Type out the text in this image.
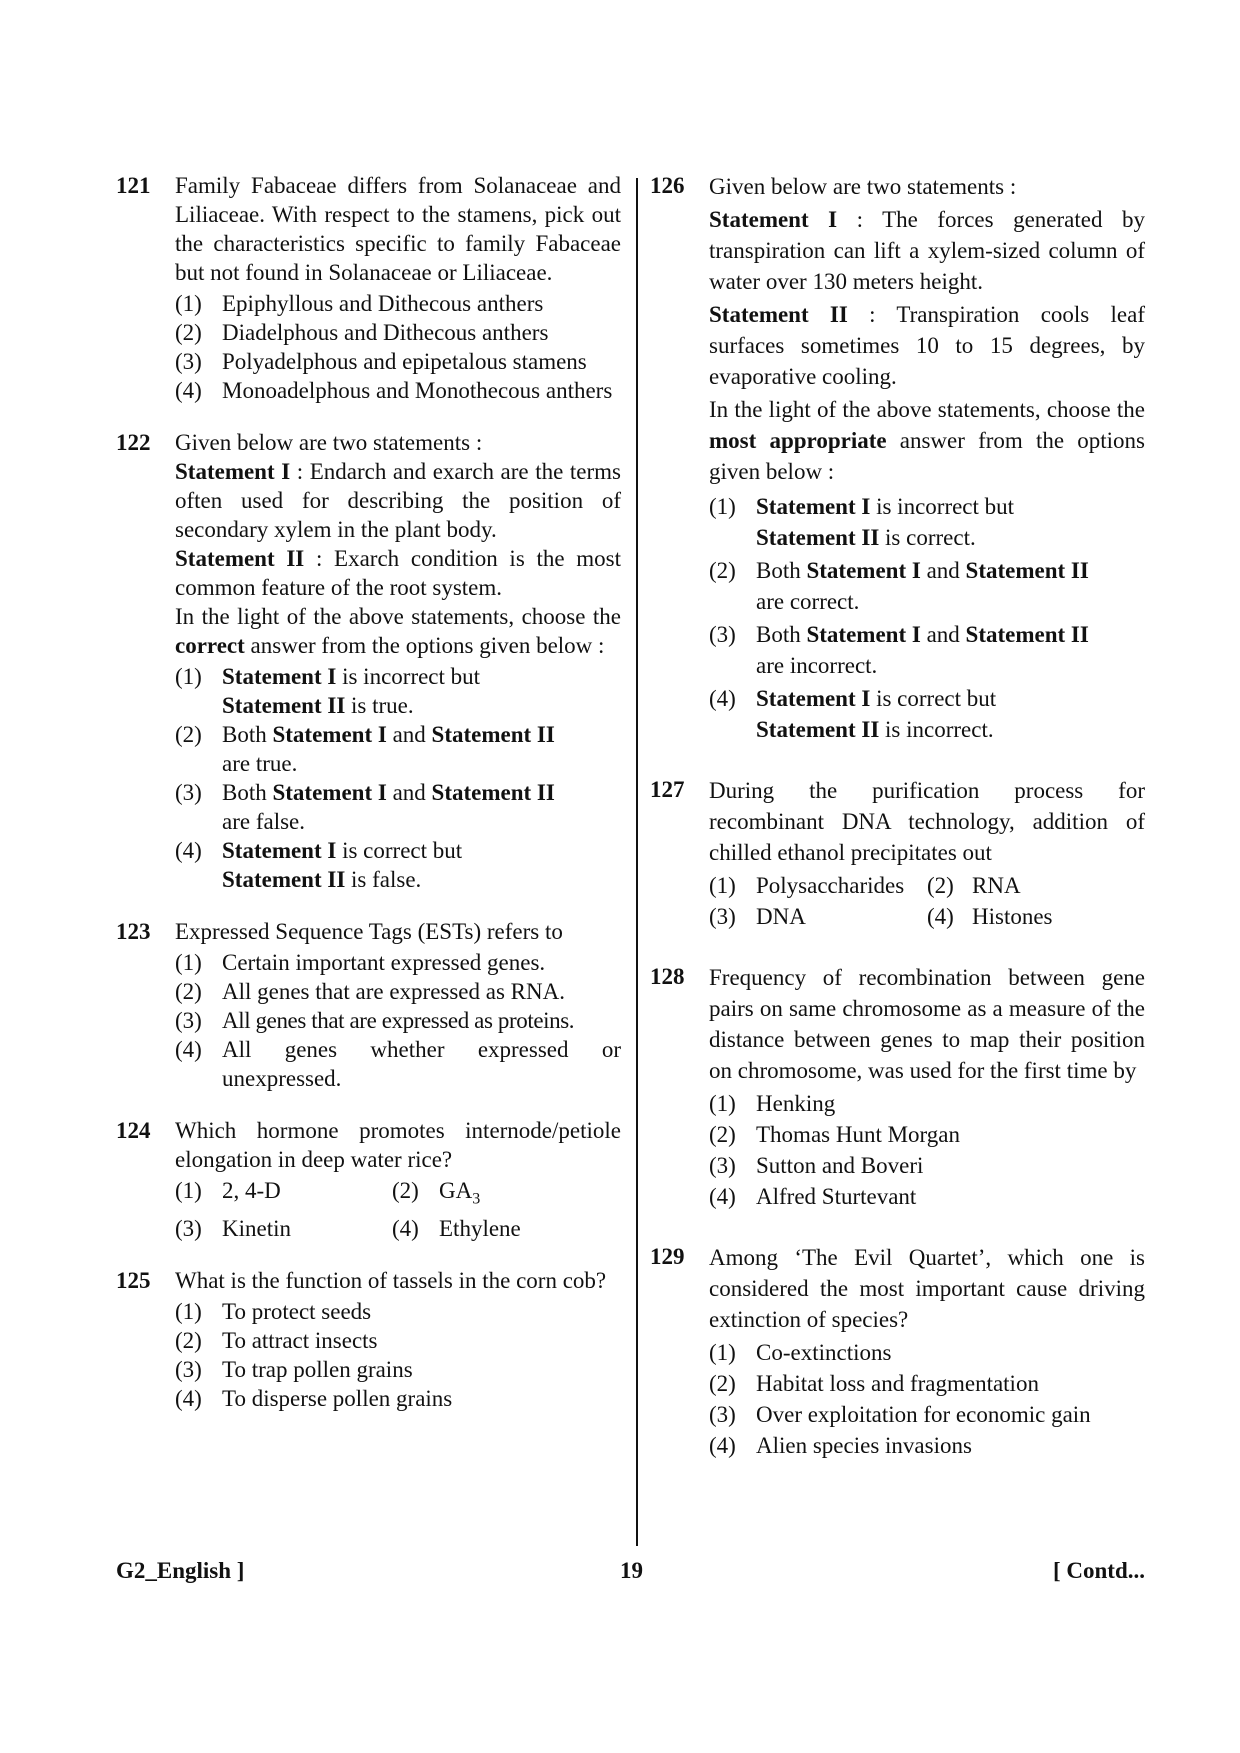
121 Family Fabaceae differs from Solanaceae and Liliaceae. With respect to the stamens, pick out the characteristics specific to family Fabaceae but not found in Solanaceae or Liliaceae.
(1) Epiphyllous and Dithecous anthers
(2) Diadelphous and Dithecous anthers
(3) Polyadelphous and epipetalous stamens
(4) Monoadelphous and Monothecous anthers
122 Given below are two statements :
Statement I : Endarch and exarch are the terms often used for describing the position of secondary xylem in the plant body.
Statement II : Exarch condition is the most common feature of the root system.
In the light of the above statements, choose the correct answer from the options given below :
(1) Statement I is incorrect but
Statement II is true.
(2) Both Statement I and Statement II
are true.
(3) Both Statement I and Statement II
are false.
(4) Statement I is correct but
Statement II is false.
123 Expressed Sequence Tags (ESTs) refers to
(1) Certain important expressed genes.
(2) All genes that are expressed as RNA.
(3) All genes that are expressed as proteins.
(4) All genes whether expressed or unexpressed.
124 Which hormone promotes internode/petiole elongation in deep water rice?
(1) 2, 4-D	(2) $GA_3$
(3) Kinetin	(4) Ethylene
125 What is the function of tassels in the corn cob?
(1) To protect seeds
(2) To attract insects
(3) To trap pollen grains
(4) To disperse pollen grains
126 Given below are two statements :
Statement I : The forces generated by transpiration can lift a xylem-sized column of water over 130 meters height.
Statement II : Transpiration cools leaf surfaces sometimes 10 to 15 degrees, by evaporative cooling.
In the light of the above statements, choose the most appropriate answer from the options given below :
(1) Statement I is incorrect but
Statement II is correct.
(2) Both Statement I and Statement II
are correct.
(3) Both Statement I and Statement II
are incorrect.
(4) Statement I is correct but
Statement II is incorrect.
127 During the purification process for recombinant DNA technology, addition of chilled ethanol precipitates out
(1) Polysaccharides (2) RNA
(3) DNA	(4) Histones
128 Frequency of recombination between gene pairs on same chromosome as a measure of the distance between genes to map their position on chromosome, was used for the first time by
(1) Henking
(2) Thomas Hunt Morgan
(3) Sutton and Boveri
(4) Alfred Sturtevant
129 Among ‘The Evil Quartet’, which one is considered the most important cause driving extinction of species?
(1) Co-extinctions
(2) Habitat loss and fragmentation
(3) Over exploitation for economic gain
(4) Alien species invasions
G2_English ]	19	[ Contd...
